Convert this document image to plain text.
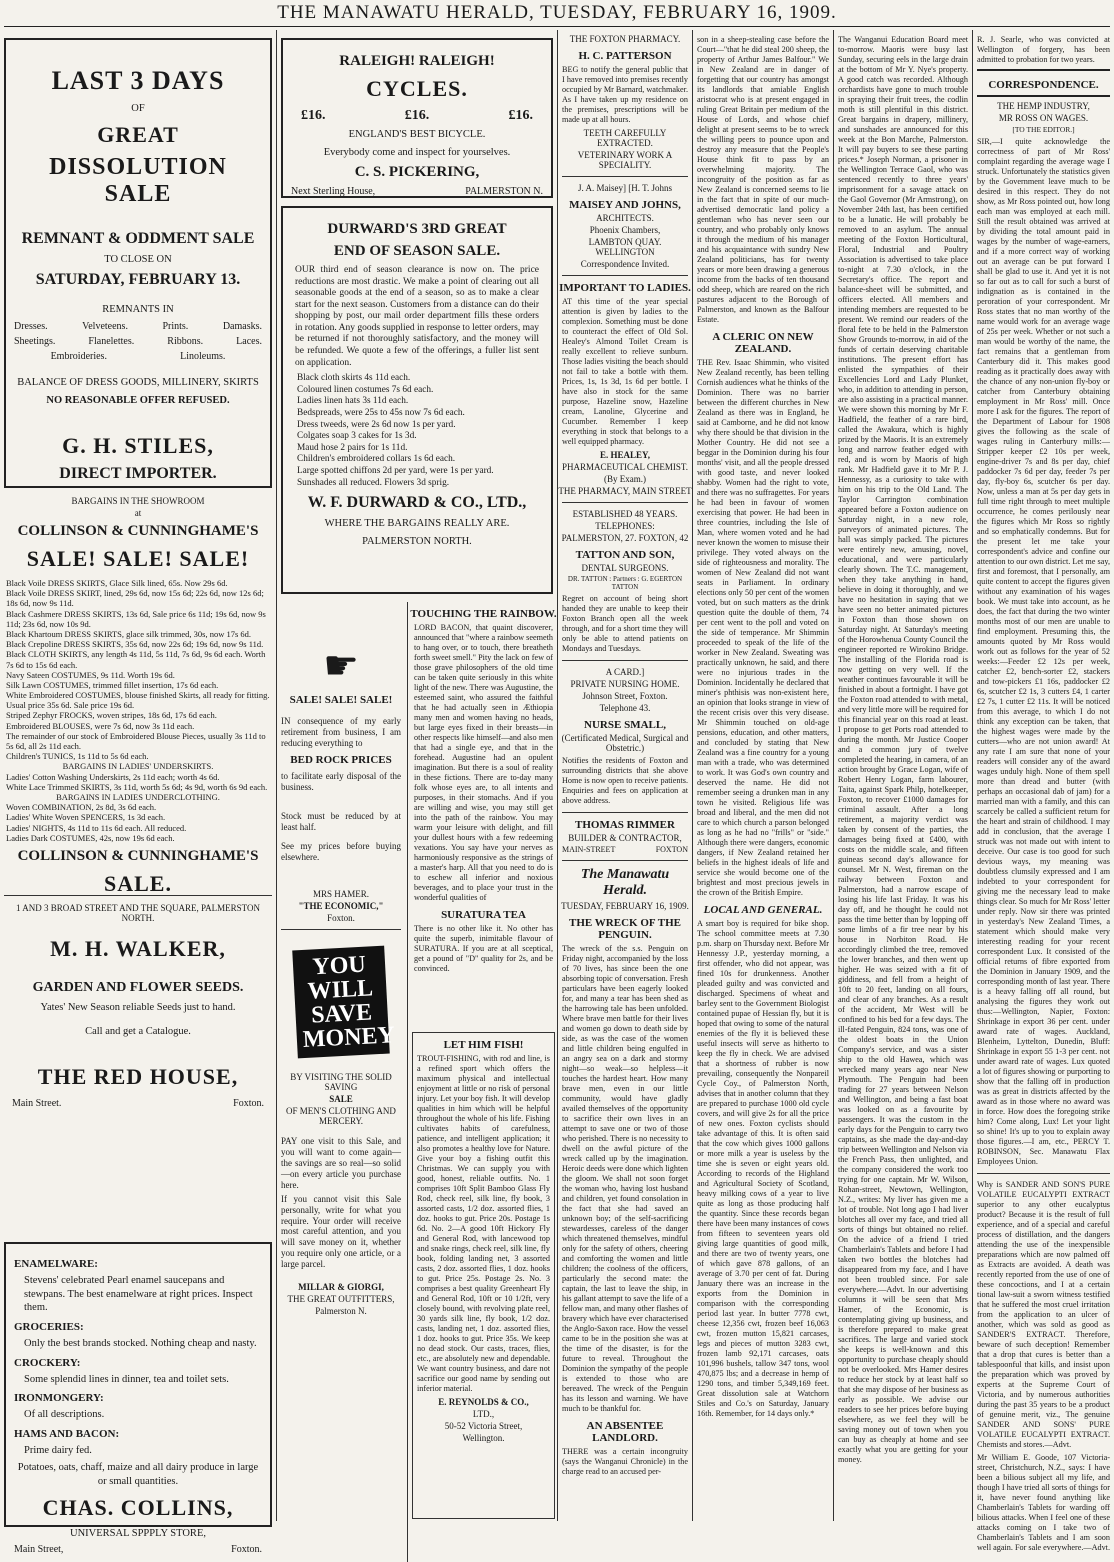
THE MANAWATU HERALD, TUESDAY, FEBRUARY 16, 1909.
LAST 3 DAYS
OF
GREAT
DISSOLUTION SALE
REMNANT & ODDMENT SALE
TO CLOSE ON
SATURDAY, FEBRUARY 13.
REMNANTS IN
Dresses.	Velveteens.	Prints.	Damasks.
Sheetings.	Flanelettes.	Ribbons.	Laces.
Embroideries.	Linoleums.
BALANCE OF DRESS GOODS, MILLINERY, SKIRTS
NO REASONABLE OFFER REFUSED.
G. H. STILES,
DIRECT IMPORTER.
BARGAINS IN THE SHOWROOM
at
COLLINSON & CUNNINGHAME'S
SALE! SALE! SALE!
Black Voile DRESS SKIRTS, Glace Silk lined, 65s. Now 29s 6d.
Black Voile DRESS SKIRT, lined, 29s 6d, now 15s 6d; 22s 6d, now 12s 6d; 18s 6d, now 9s 11d.
Black Cashmere DRESS SKIRTS, 13s 6d, Sale price 6s 11d; 19s 6d, now 9s 11d; 23s 6d, now 10s 9d.
Black Khartoum DRESS SKIRTS, glace silk trimmed, 30s, now 17s 6d.
Black Crepoline DRESS SKIRTS, 35s 6d, now 22s 6d; 19s 6d, now 9s 11d.
Black CLOTH SKIRTS, any length 4s 11d, 5s 11d, 7s 6d, 9s 6d each. Worth 7s 6d to 15s 6d each.
Navy Sateen COSTUMES, 9s 11d. Worth 19s 6d.
Silk Lawn COSTUMES, trimmed fillet insertion, 17s 6d each.
White Embroidered COSTUMES, blouse finished Skirts, all ready for fitting. Usual price 35s 6d. Sale price 19s 6d.
Striped Zephyr FROCKS, woven stripes, 18s 6d, 17s 6d each.
Embroidered BLOUSES, were 7s 6d, now 3s 11d each.
The remainder of our stock of Embroidered Blouse Pieces, usually 3s 11d to 5s 6d, all 2s 11d each.
Children's TUNICS, 1s 11d to 5s 6d each.
BARGAINS IN LADIES' UNDERSKIRTS.
Ladies' Cotton Washing Underskirts, 2s 11d each; worth 4s 6d.
White Lace Trimmed SKIRTS, 3s 11d, worth 5s 6d; 4s 9d, worth 6s 9d each.
BARGAINS IN LADIES UNDERCLOTHING.
Woven COMBINATION, 2s 8d, 3s 6d each.
Ladies' White Woven SPENCERS, 1s 3d each.
Ladies' NIGHTS, 4s 11d to 11s 6d each. All reduced.
Ladies Dark COSTUMES, 42s, now 19s 6d each.
COLLINSON & CUNNINGHAME'S
SALE.
1 AND 3 BROAD STREET AND THE SQUARE, PALMERSTON NORTH.
M. H. WALKER,
GARDEN AND FLOWER SEEDS.
Yates' New Season reliable Seeds just to hand.
Call and get a Catalogue.
THE RED HOUSE,
Main Street.	Foxton.
ENAMELWARE:
Stevens' celebrated Pearl enamel saucepans and stewpans. The best enamelware at right prices. Inspect them.
GROCERIES:
Only the best brands stocked. Nothing cheap and nasty.
CROCKERY:
Some splendid lines in dinner, tea and toilet sets.
IRONMONGERY:
Of all descriptions.
HAMS AND BACON:
Prime dairy fed.
Potatoes, oats, chaff, maize and all dairy produce in large or small quantities.
CHAS. COLLINS,
UNIVERSAL SPPPLY STORE,
Main Street,	Foxton.
RALEIGH! RALEIGH!
CYCLES.
£16.	£16.	£16.
ENGLAND'S BEST BICYCLE.
Everybody come and inspect for yourselves.
C. S. PICKERING,
Next Sterling House,	PALMERSTON N.
DURWARD'S 3RD GREAT
END OF SEASON SALE.
OUR third end of season clearance is now on. The price reductions are most drastic. We make a point of clearing out all seasonable goods at the end of a season, so as to make a clear start for the next season. Customers from a distance can do their shopping by post, our mail order department fills these orders in rotation. Any goods supplied in response to letter orders, may be returned if not thoroughly satisfactory, and the money will be refunded. We quote a few of the offerings, a fuller list sent on application.
Black cloth skirts 4s 11d each.
Coloured linen costumes 7s 6d each.
Ladies linen hats 3s 11d each.
Bedspreads, were 25s to 45s now 7s 6d each.
Dress tweeds, were 2s 6d now 1s per yard.
Colgates soap 3 cakes for 1s 3d.
Maud hose 2 pairs for 1s 11d.
Children's embroidered collars 1s 6d each.
Large spotted chiffons 2d per yard, were 1s per yard.
Sunshades all reduced. Flowers 3d sprig.
W. F. DURWARD & CO., LTD.,
WHERE THE BARGAINS REALLY ARE.
PALMERSTON NORTH.
☛
SALE! SALE! SALE!
IN consequence of my early retirement from business, I am reducing everything to
BED ROCK PRICES
to facilitate early disposal of the business.
Stock must be reduced by at least half.
See my prices before buying elsewhere.
MRS HAMER.
"THE ECONOMIC,"
Foxton.
YOU WILL SAVE MONEY
BY VISITING THE SOLID SAVING
SALE
OF MEN'S CLOTHING AND MERCERY.
PAY one visit to this Sale, and you will want to come again—the savings are so real—so solid—on every article you purchase here.
If you cannot visit this Sale personally, write for what you require. Your order will receive most careful attention, and you will save money on it, whether you require only one article, or a large parcel.
MILLAR & GIORGI,
THE GREAT OUTFITTERS,
Palmerston N.
TOUCHING THE RAINBOW.
LORD BACON, that quaint discoverer, announced that "where a rainbow seemeth to hang over, or to touch, there breatheth forth sweet smell." Pity the lack on few of those grave philosophers of the old time can be taken quite seriously in this white light of the new. There was Augustine, the esteemed saint, who assured the faithful that he had actually seen in Æthiopia many men and women having no heads, but large eyes fixed in their breasts—in other respects like himself—and also men that had a single eye, and that in the forehead. Augustine had an opulent imagination. But there is a soul of reality in these fictions. There are to-day many folk whose eyes are, to all intents and purposes, in their stomachs. And if you are willing and wise, you may still get into the path of the rainbow. You may warm your leisure with delight, and fill your dullest hours with a few redeeming vexations. You say have your nerves as harmoniously responsive as the strings of a master's harp. All that you need to do is to eschew all inferior and noxious beverages, and to place your trust in the wonderful qualities of
SURATURA TEA
There is no other like it. No other has quite the superb, inimitable flavour of SURATURA. If you are at all sceptical, get a pound of "D" quality for 2s, and be convinced.
LET HIM FISH!
TROUT-FISHING, with rod and line, is a refined sport which offers the maximum physical and intellectual enjoyment at little or no risk of personal injury. Let your boy fish. It will develop qualities in him which will be helpful throughout the whole of his life. Fishing cultivates habits of carefulness, patience, and intelligent application; it also promotes a healthy love for Nature. Give your boy a fishing outfit this Christmas. We can supply you with good, honest, reliable outfits. No. 1 comprises 10ft Split Bamboo Glass Fly Rod, check reel, silk line, fly book, 3 assorted casts, 1/2 doz. assorted flies, 1 doz. hooks to gut. Price 20s. Postage 1s 6d. No. 2—A good 10ft Hickory Fly and General Rod, with lancewood top and snake rings, check reel, silk line, fly book, folding landing net, 3 assorted casts, 2 doz. assorted flies, 1 doz. hooks to gut. Price 25s. Postage 2s. No. 3 comprises a best quality Greenheart Fly and General Rod, 10ft or 10 1/2ft, very closely bound, with revolving plate reel, 30 yards silk line, fly book, 1/2 doz. casts, landing net, 1 doz. assorted flies, 1 doz. hooks to gut. Price 35s. We keep no dead stock. Our casts, traces, flies, etc., are absolutely new and dependable. We want country business, and dare not sacrifice our good name by sending out inferior material.
E. REYNOLDS & CO.,
LTD.,
50-52 Victoria Street,
Wellington.
THE FOXTON PHARMACY.
H. C. PATTERSON
BEG to notify the general public that I have removed into premises recently occupied by Mr Barnard, watchmaker. As I have taken up my residence on the premises, prescriptions will be made up at all hours.
TEETH CAREFULLY EXTRACTED.
VETERINARY WORK A SPECIALITY.
J. A. Maisey] [H. T. Johns
MAISEY AND JOHNS,
ARCHITECTS.
Phoenix Chambers,
LAMBTON QUAY. WELLINGTON
Correspondence Invited.
IMPORTANT TO LADIES.
AT this time of the year special attention is given by ladies to the complexion. Something must be done to counteract the effect of Old Sol. Healey's Almond Toilet Cream is really excellent to relieve sunburn. Those ladies visiting the beach should not fail to take a bottle with them. Prices, 1s, 1s 3d, 1s 6d per bottle. I have also in stock for the same purpose, Hazeline snow, Hazeline cream, Lanoline, Glycerine and Cucumber. Remember I keep everything in stock that belongs to a well equipped pharmacy.
E. HEALEY,
PHARMACEUTICAL CHEMIST.
(By Exam.)
THE PHARMACY, MAIN STREET
ESTABLISHED 48 YEARS.
TELEPHONES:
PALMERSTON, 27. FOXTON, 42
TATTON AND SON,
DENTAL SURGEONS.
DR. TATTON : Partners : G. EGERTON TATTON
Regret on account of being short handed they are unable to keep their Foxton Branch open all the week through, and for a short time they will only be able to attend patients on Mondays and Tuesdays.
A CARD.]
PRIVATE NURSING HOME.
Johnson Street, Foxton.
Telephone 43.
NURSE SMALL,
(Certificated Medical, Surgical and Obstetric.)
Notifies the residents of Foxton and surrounding districts that she above Home is now open to receive patients. Enquiries and fees on application at above address.
THOMAS RIMMER
BUILDER & CONTRACTOR,
MAIN-STREET	FOXTON
The Manawatu Herald.
TUESDAY, FEBRUARY 16, 1909.
THE WRECK OF THE PENGUIN.
The wreck of the s.s. Penguin on Friday night, accompanied by the loss of 70 lives, has since been the one absorbing topic of conversation. Fresh particulars have been eagerly looked for, and many a tear has been shed as the harrowing tale has been unfolded. Where brave men battle for their lives and women go down to death side by side, as was the case of the women and little children being engulfed in an angry sea on a dark and stormy night—so weak—so helpless—it touches the hardest heart. How many brave men, even in our little community, would have gladly availed themselves of the opportunity to sacrifice their own lives in an attempt to save one or two of those who perished. There is no necessity to dwell on the awful picture of the wreck called up by the imagination. Heroic deeds were done which lighten the gloom. We shall not soon forget the woman who, having lost husband and children, yet found consolation in the fact that she had saved an unknown boy; of the self-sacrificing stewardesses, careless of the danger which threatened themselves, mindful only for the safety of others, cheering and comforting the women and little children; the coolness of the officers, particularly the second mate: the captain, the last to leave the ship, in his gallant attempt to save the life of a fellow man, and many other flashes of bravery which have ever characterised the Anglo-Saxon race. How the vessel came to be in the position she was at the time of the disaster, is for the future to reveal. Throughout the Dominion the sympathy of the people is extended to those who are bereaved. The wreck of the Penguin has its lesson and warning. We have much to be thankful for.
AN ABSENTEE LANDLORD.
THERE was a certain incongruity (says the Wanganui Chronicle) in the charge read to an accused per-
son in a sheep-stealing case before the Court—"that he did steal 200 sheep, the property of Arthur James Balfour." We in New Zealand are in danger of forgetting that our country has amongst its landlords that amiable English aristocrat who is at present engaged in ruling Great Britain per medium of the House of Lords, and whose chief delight at present seems to be to wreck the willing peers to pounce upon and destroy any measure that the People's House think fit to pass by an overwhelming majority. The incongruity of the position as far as New Zealand is concerned seems to lie in the fact that in spite of our much-advertised democratic land policy a gentleman who has never seen our country, and who probably only knows it through the medium of his manager and his acquaintance with sundry New Zealand politicians, has for twenty years or more been drawing a generous income from the backs of ten thousand odd sheep, which are reared on the rich pastures adjacent to the Borough of Palmerston, and known as the Balfour Estate.
A CLERIC ON NEW ZEALAND.
THE Rev. Isaac Shimmin, who visited New Zealand recently, has been telling Cornish audiences what he thinks of the Dominion. There was no barrier between the different churches in New Zealand as there was in England, he said at Camborne, and he did not know why there should be that division in the Mother Country. He did not see a beggar in the Dominion during his four months' visit, and all the people dressed with good taste, and never looked shabby. Women had the right to vote, and there was no suffragettes. For years he had been in favour of women exercising that power. He had been in three countries, including the Isle of Man, where women voted and he had never known the women to misuse their privilege. They voted always on the side of righteousness and morality. The women of New Zealand did not want seats in Parliament. In ordinary elections only 50 per cent of the women voted, but on such matters as the drink question quite the double of them, 74 per cent went to the poll and voted on the side of temperance. Mr Shimmin proceeded to speak of the life of the worker in New Zealand. Sweating was practically unknown, he said, and there were no injurious trades in the Dominion. Incidentally he declared that miner's phthisis was non-existent here, an opinion that looks strange in view of the recent crisis over this very disease. Mr Shimmin touched on old-age pensions, education, and other matters, and concluded by stating that New Zealand was a fine country for a young man with a trade, who was determined to work. It was God's own country and deserved the name. He did not remember seeing a drunken man in any town he visited. Religious life was broad and liberal, and the men did not care to which church a parson belonged as long as he had no "frills" or "side." Although there were dangers, economic dangers, if New Zealand retained her beliefs in the highest ideals of life and service she would become one of the brightest and most precious jewels in the crown of the British Empire.
LOCAL AND GENERAL.
A smart boy is required for bike shop. The school committee meets at 7.30 p.m. sharp on Thursday next. Before Mr Hennessy J.P., yesterday morning, a first offender, who did not appear, was fined 10s for drunkenness. Another pleaded guilty and was convicted and discharged. Specimens of wheat and barley sent to the Government Biologist contained pupae of Hessian fly, but it is hoped that owing to some of the natural enemies of the fly it is believed these useful insects will serve as hitherto to keep the fly in check. We are advised that a shortness of rubber is now prevailing, consequently the Nonpareil Cycle Coy., of Palmerston North, advises that in another column that they are prepared to purchase 1000 old cycle covers, and will give 2s for all the price of new ones. Foxton cyclists should take advantage of this. It is often said that the cow which gives 1000 gallons or more milk a year is useless by the time she is seven or eight years old. According to records of the Highland and Agricultural Society of Scotland, heavy milking cows of a year to live quite as long as those producing half the quantity. Since these records began there have been many instances of cows from fifteen to seventeen years old giving large quantities of good milk, and there are two of twenty years, one of which gave 878 gallons, of an average of 3.70 per cent of fat. During January there was an increase in the exports from the Dominion in comparison with the corresponding period last year. In butter 7778 cwt, cheese 12,356 cwt, frozen beef 16,063 cwt, frozen mutton 15,821 carcases, legs and pieces of mutton 3283 cwt, frozen lamb 92,171 carcases, oats 101,996 bushels, tallow 347 tons, wool 470,875 lbs; and a decrease in hemp of 1290 tons, and timber 5,349,169 feet. Great dissolution sale at Watchorn Stiles and Co.'s on Saturday, January 16th. Remember, for 14 days only.*
The Wanganui Education Board meet to-morrow. Maoris were busy last Sunday, securing eels in the large drain at the bottom of Mr Y. Nye's property. A good catch was recorded. Although orchardists have gone to much trouble in spraying their fruit trees, the codlin moth is still plentiful in this district. Great bargains in drapery, millinery, and sunshades are announced for this week at the Bon Marche, Palmerston. It will pay buyers to see these parting prices.* Joseph Norman, a prisoner in the Wellington Terrace Gaol, who was sentenced recently to three years' imprisonment for a savage attack on the Gaol Governor (Mr Armstrong), on November 24th last, has been certified to be a lunatic. He will probably be removed to an asylum. The annual meeting of the Foxton Horticultural, Floral, Industrial and Poultry Association is advertised to take place to-night at 7.30 o'clock, in the Secretary's office. The report and balance-sheet will be submitted, and officers elected. All members and intending members are requested to be present. We remind our readers of the floral fete to be held in the Palmerston Show Grounds to-morrow, in aid of the funds of certain deserving charitable institutions. The present effort has enlisted the sympathies of their Excellencies Lord and Lady Plunket, who, in addition to attending in person, are also assisting in a practical manner. We were shown this morning by Mr F. Hadfield, the feather of a rare bird, called the Awakura, which is highly prized by the Maoris. It is an extremely long and narrow feather edged with red, and is worn by Maoris of high rank. Mr Hadfield gave it to Mr P. J. Hennessy, as a curiosity to take with him on his trip to the Old Land. The Taylor Carrington combination appeared before a Foxton audience on Saturday night, in a new role, purveyors of animated pictures. The hall was simply packed. The pictures were entirely new, amusing, novel, educational, and were particularly clearly shown. The T.C. management, when they take anything in hand, believe in doing it thoroughly, and we have no hesitation in saying that we have seen no better animated pictures in Foxton than those shown on Saturday night. At Saturday's meeting of the Horowhenua County Council the engineer reported re Wirokino Bridge. The installing of the Florida road is now getting on very well. If the weather continues favourable it will be finished in about a fortnight. I have got the Foxton road attended to with metal, and very little more will be required for this financial year on this road at least. I propose to get Ports road attended to during the month. Mr Justice Cooper and a common jury of twelve completed the hearing, in camera, of an action brought by Grace Logan, wife of Robert Henry Logan, farm labourer, Taita, against Spark Philp, hotelkeeper, Foxton, to recover £1000 damages for criminal assault. After a long retirement, a majority verdict was taken by consent of the parties, the damages being fixed at £400, with costs on the middle scale, and fifteen guineas second day's allowance for counsel. Mr N. West, fireman on the railway between Foxton and Palmerston, had a narrow escape of losing his life last Friday. It was his day off, and he thought he could not pass the time better than by lopping off some limbs of a fir tree near by his house in Norbiton Road. He accordingly climbed the tree, removed the lower branches, and then went up higher. He was seized with a fit of giddiness, and fell from a height of 10ft to 20 feet, landing on all fours, and clear of any branches. As a result of the accident, Mr West will be confined to his bed for a few days. The ill-fated Penguin, 824 tons, was one of the oldest boats in the Union Company's service, and was a sister ship to the old Hawea, which was wrecked many years ago near New Plymouth. The Penguin had been trading for 27 years between Nelson and Wellington, and being a fast boat was looked on as a favourite by passengers. It was the custom in the early days for the Penguin to carry two captains, as she made the day-and-day trip between Wellington and Nelson via the French Pass, then unlighted, and the company considered the work too trying for one captain. Mr W. Wilson, Rohan-street, Newtown, Wellington, N.Z., writes: My liver has given me a lot of trouble. Not long ago I had liver blotches all over my face, and tried all sorts of things but obtained no relief. On the advice of a friend I tried Chamberlain's Tablets and before I had taken two bottles the blotches had disappeared from my face, and I have not been troubled since. For sale everywhere.—Advt. In our advertising columns it will be seen that Mrs Hamer, of the Economic, is contemplating giving up business, and is therefore prepared to make great sacrifices. The large and varied stock she keeps is well-known and this opportunity to purchase cheaply should not be overlooked. Mrs Hamer desires to reduce her stock by at least half so that she may dispose of her business as early as possible. We advise our readers to see her prices before buying elsewhere, as we feel they will be saving money out of town when you can buy as cheaply at home and see exactly what you are getting for your money.
R. J. Searle, who was convicted at Wellington of forgery, has been admitted to probation for two years.
CORRESPONDENCE.
THE HEMP INDUSTRY,
MR ROSS ON WAGES.
[TO THE EDITOR.]
SIR,—I quite acknowledge the correctness of part of Mr Ross' complaint regarding the average wage I struck. Unfortunately the statistics given by the Government leave much to be desired in this respect. They do not show, as Mr Ross pointed out, how long each man was employed at each mill. Still the result obtained was arrived at by dividing the total amount paid in wages by the number of wage-earners, and if a more correct way of working out an average can be put forward I shall be glad to use it. And yet it is not so far out as to call for such a burst of indignation as is contained in the peroration of your correspondent. Mr Ross states that no man worthy of the name would work for an average wage of 25s per week. Whether or not such a man would be worthy of the name, the fact remains that a gentleman from Canterbury did it. This makes good reading as it practically does away with the chance of any non-union fly-boy or catcher from Canterbury obtaining employment in Mr Ross' mill. Once more I ask for the figures. The report of the Department of Labour for 1908 gives the following as the scale of wages ruling in Canterbury mills:—Stripper keeper £2 10s per week, engine-driver 7s and 8s per day, chief paddocker 7s 6d per day, feeder 7s per day, fly-boy 6s, scutcher 6s per day. Now, unless a man at 5s per day gets in full time right through to meet multiple occurrence, he comes perilously near the figures which Mr Ross so rightly and so emphatically condemns. But for the present let me take your correspondent's advice and confine our attention to our own district. Let me say, first and foremost, that I personally, am quite content to accept the figures given without any examination of his wages book. We must take into account, as he does, the fact that during the two winter months most of our men are unable to find employment. Presuming this, the amounts quoted by Mr Ross would work out as follows for the year of 52 weeks:—Feeder £2 12s per week, catcher £2, bench-sorter £2, stackers and tow-pickers £1 16s, paddocker £2 6s, scutcher £2 1s, 3 cutters £4, 1 carter £2 7s, 1 cutter £2 11s. It will be noticed from this average, to which I do not think any exception can be taken, that the highest wages were made by the cutters—who are not union award! At any rate I am sure that none of your readers will consider any of the award wages unduly high. None of them spell more than dread and butter (with perhaps an occasional dab of jam) for a married man with a family, and this can scarcely be called a sufficient return for the heart and strain of childhood. I may add in conclusion, that the average I struck was not made out with intent to deceive. Our case is too good for such devious ways, my meaning was doubtless clumsily expressed and I am indebted to your correspondent for giving me the necessary lead to make things clear. So much for Mr Ross' letter under reply. Now sir there was printed in yesterday's New Zealand Times, a statement which should make very interesting reading for your recent correspondent Lux. It consisted of the official returns of fibre exported from the Dominion in January 1909, and the corresponding month of last year. There is a heavy falling off all round, but analysing the figures they work out thus:—Wellington, Napier, Foxton: Shrinkage in export 36 per cent. under award rate of wages. Auckland, Blenheim, Lyttelton, Dunedin, Bluff: Shrinkage in export 55 1-3 per cent. not under award rate of wages. Lux quoted a lot of figures showing or purporting to show that the falling off in production was as great in districts affected by the award as in those where no award was in force. How does the foregoing strike him? Come along, Lux! Let your light so shine! It's up to you to explain away those figures.—I am, etc., PERCY T. ROBINSON, Sec. Manawatu Flax Employees Union.
Why is SANDER AND SON'S PURE VOLATILE EUCALYPTI EXTRACT superior to any other eucalyptus product? Because it is the result of full experience, and of a special and careful process of distillation, and the dangers attending the use of the inexpensible preparations which are now palmed off as Extracts are avoided. A death was recently reported from the use of one of these concoctions, and I at a certain tional law-suit a sworn witness testified that he suffered the most cruel irritation from the application to an ulcer of another, which was sold as good as SANDER'S EXTRACT. Therefore, beware of such deception! Remember that a drop that cures is better than a tablespoonful that kills, and insist upon the preparation which was proved by experts at the Supreme Court of Victoria, and by numerous authorities during the past 35 years to be a product of genuine merit, viz., The genuine SANDER AND SONS' PURE VOLATILE EUCALYPTI EXTRACT. Chemists and stores.—Advt.
Mr William E. Goode, 107 Victoria-street, Christchurch, N.Z., says: I have been a bilious subject all my life, and though I have tried all sorts of things for it, have never found anything like Chamberlain's Tablets for warding off bilious attacks. When I feel one of these attacks coming on I take two of Chamberlain's Tablets and I am soon well again. For sale everywhere.—Advt.
